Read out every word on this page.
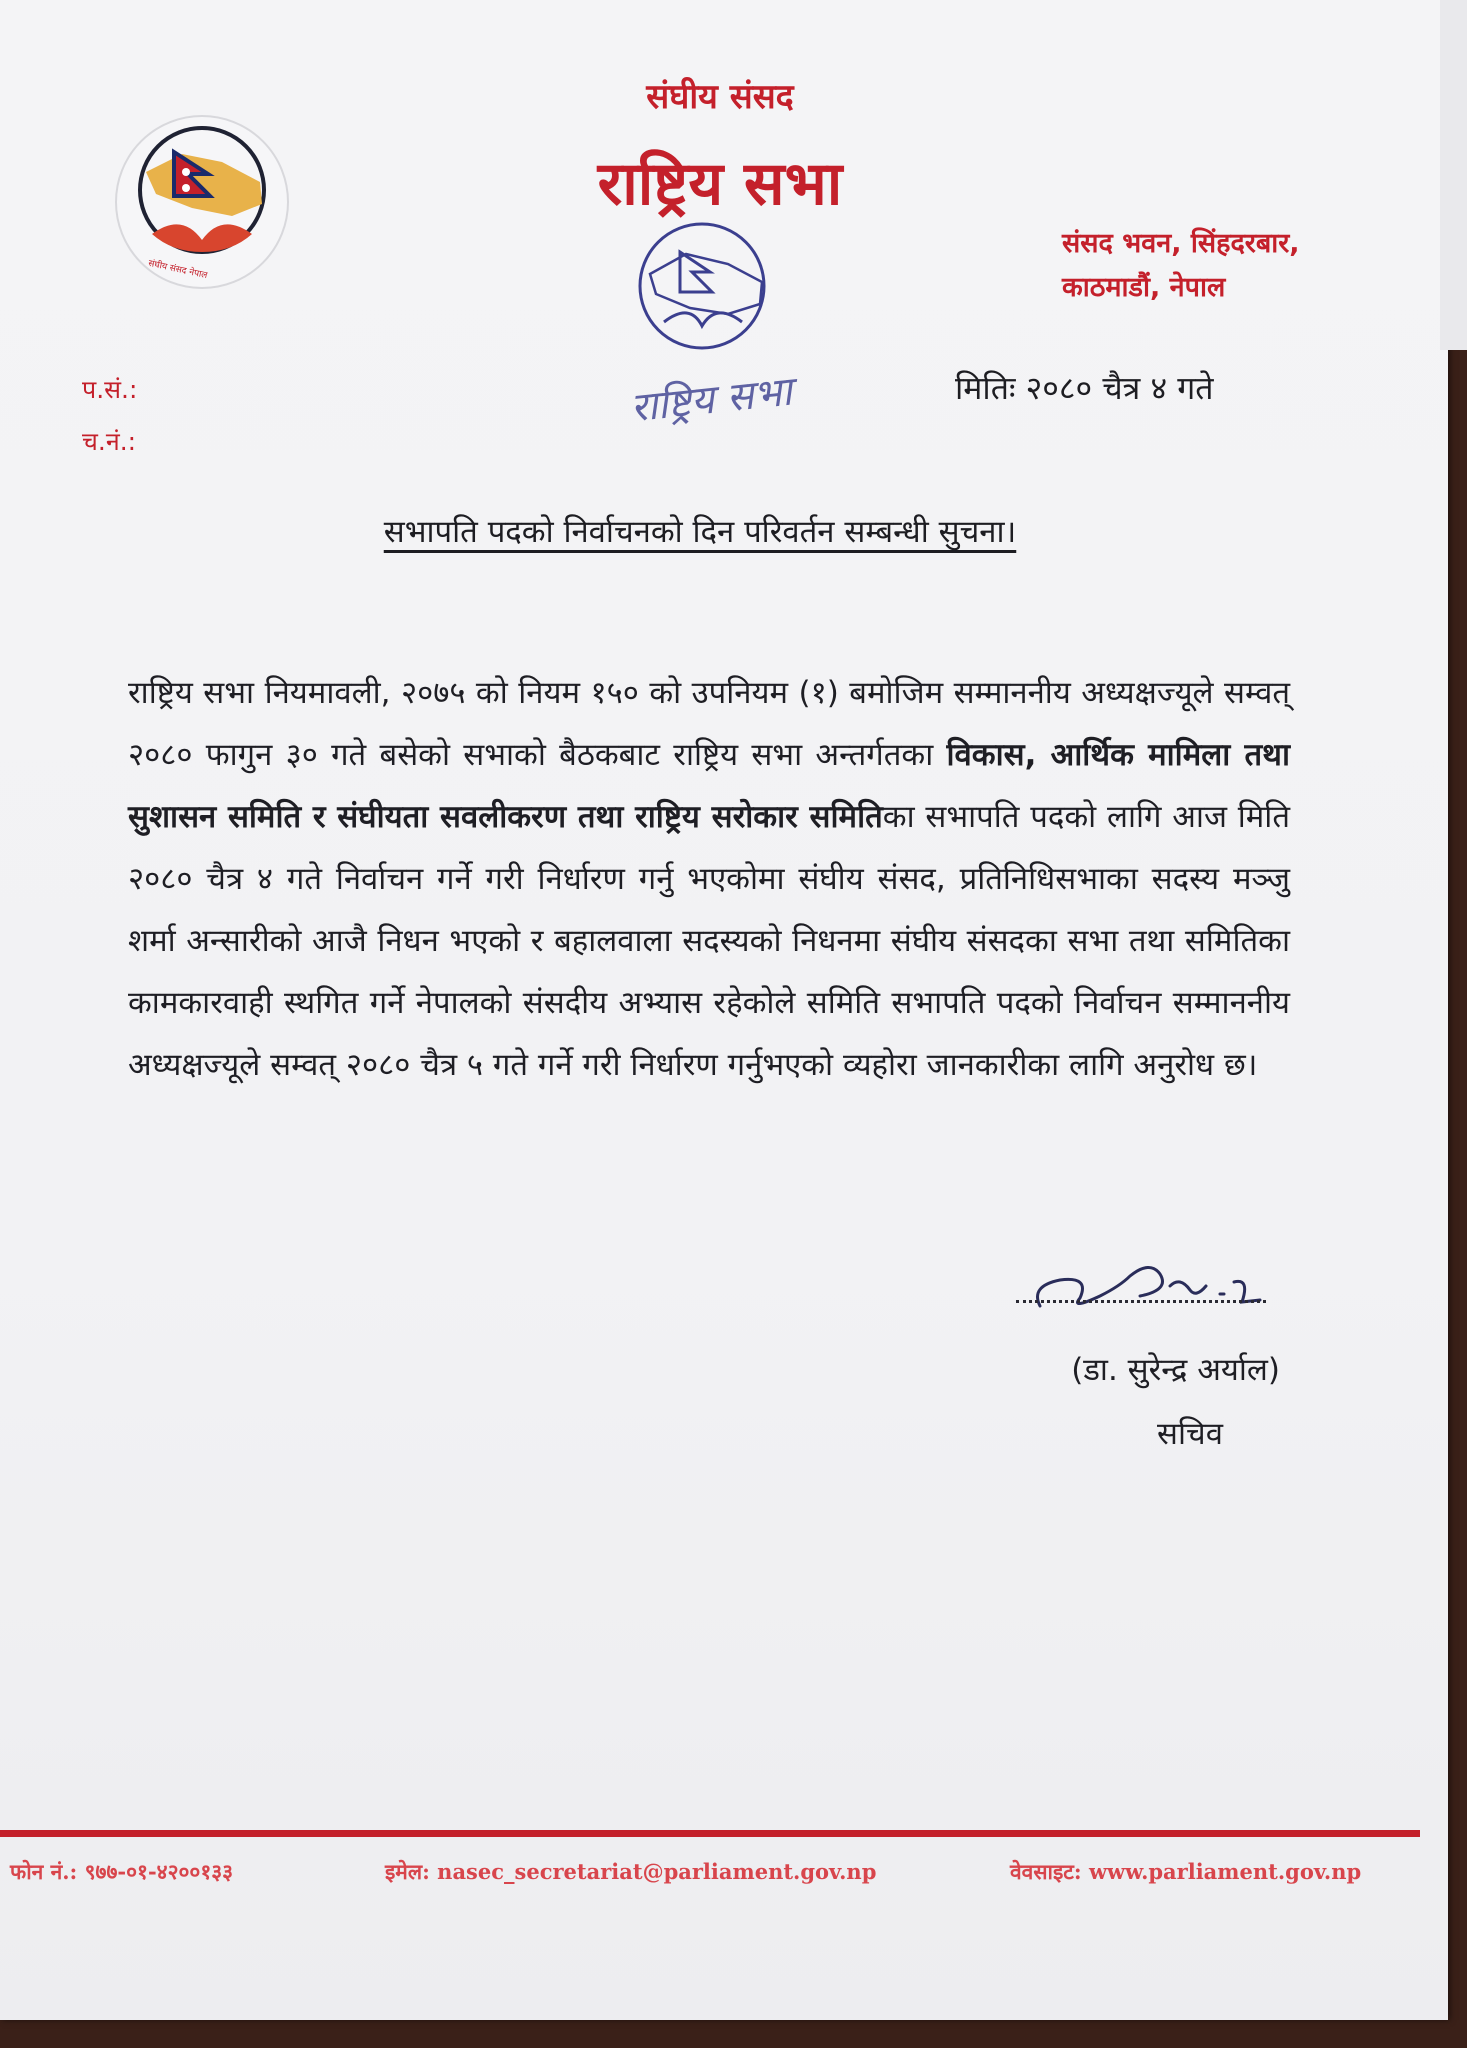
संघीय संसद नेपाल
संघीय संसद
राष्ट्रिय सभा
राष्ट्रिय सभा
संसद भवन, सिंहदरबार,
काठमाडौं, नेपाल
प.सं.:
च.नं.:
मितिः २०८० चैत्र ४ गते
सभापति पदको निर्वाचनको दिन परिवर्तन सम्बन्धी सुचना।
राष्ट्रिय सभा नियमावली, २०७५ को नियम १५० को उपनियम (१) बमोजिम सम्माननीय अध्यक्षज्यूले सम्वत् २०८० फागुन ३० गते बसेको सभाको बैठकबाट राष्ट्रिय सभा अन्तर्गतका विकास, आर्थिक मामिला तथा सुशासन समिति र संघीयता सवलीकरण तथा राष्ट्रिय सरोकार समितिका सभापति पदको लागि आज मिति २०८० चैत्र ४ गते निर्वाचन गर्ने गरी निर्धारण गर्नु भएकोमा संघीय संसद, प्रतिनिधिसभाका सदस्य मञ्जु शर्मा अन्सारीको आजै निधन भएको र बहालवाला सदस्यको निधनमा संघीय संसदका सभा तथा समितिका कामकारवाही स्थगित गर्ने नेपालको संसदीय अभ्यास रहेकोले समिति सभापति पदको निर्वाचन सम्माननीय अध्यक्षज्यूले सम्वत् २०८० चैत्र ५ गते गर्ने गरी निर्धारण गर्नुभएको व्यहोरा जानकारीका लागि अनुरोध छ।
(डा. सुरेन्द्र अर्याल)
सचिव
फोन नं.: ९७७-०१-४२००१३३	इमेल: nasec_secretariat@parliament.gov.np	वेवसाइट: www.parliament.gov.np
